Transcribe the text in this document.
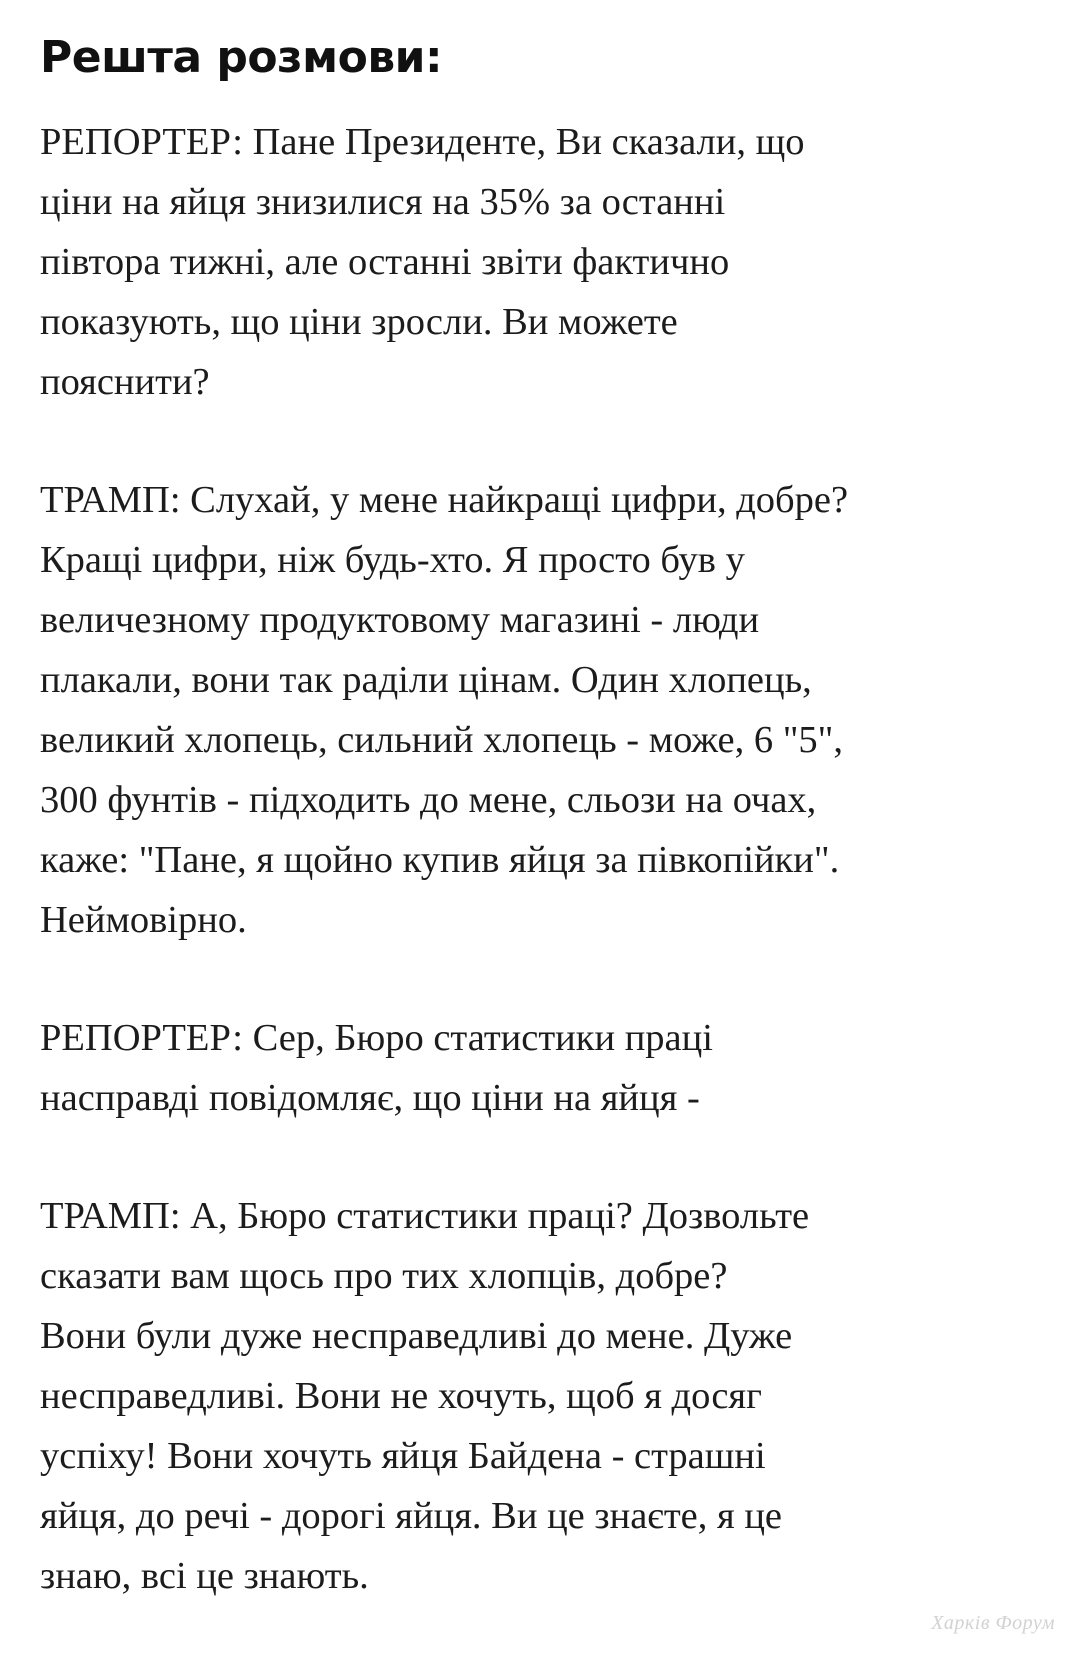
Решта розмови:
РЕПОРТЕР: Пане Президенте, Ви сказали, що
ціни на яйця знизилися на 35% за останні
півтора тижні, але останні звіти фактично
показують, що ціни зросли. Ви можете
пояснити?
ТРАМП: Слухай, у мене найкращі цифри, добре?
Кращі цифри, ніж будь-хто. Я просто був у
величезному продуктовому магазині - люди
плакали, вони так раділи цінам. Один хлопець,
великий хлопець, сильний хлопець - може, 6 "5",
300 фунтів - підходить до мене, сльози на очах,
каже: "Пане, я щойно купив яйця за півкопійки".
Неймовірно.
РЕПОРТЕР: Сер, Бюро статистики праці
насправді повідомляє, що ціни на яйця -
ТРАМП: А, Бюро статистики праці? Дозвольте
сказати вам щось про тих хлопців, добре?
Вони були дуже несправедливі до мене. Дуже
несправедливі. Вони не хочуть, щоб я досяг
успіху! Вони хочуть яйця Байдена - страшні
яйця, до речі - дорогі яйця. Ви це знаєте, я це
знаю, всі це знають.
Харків Форум
